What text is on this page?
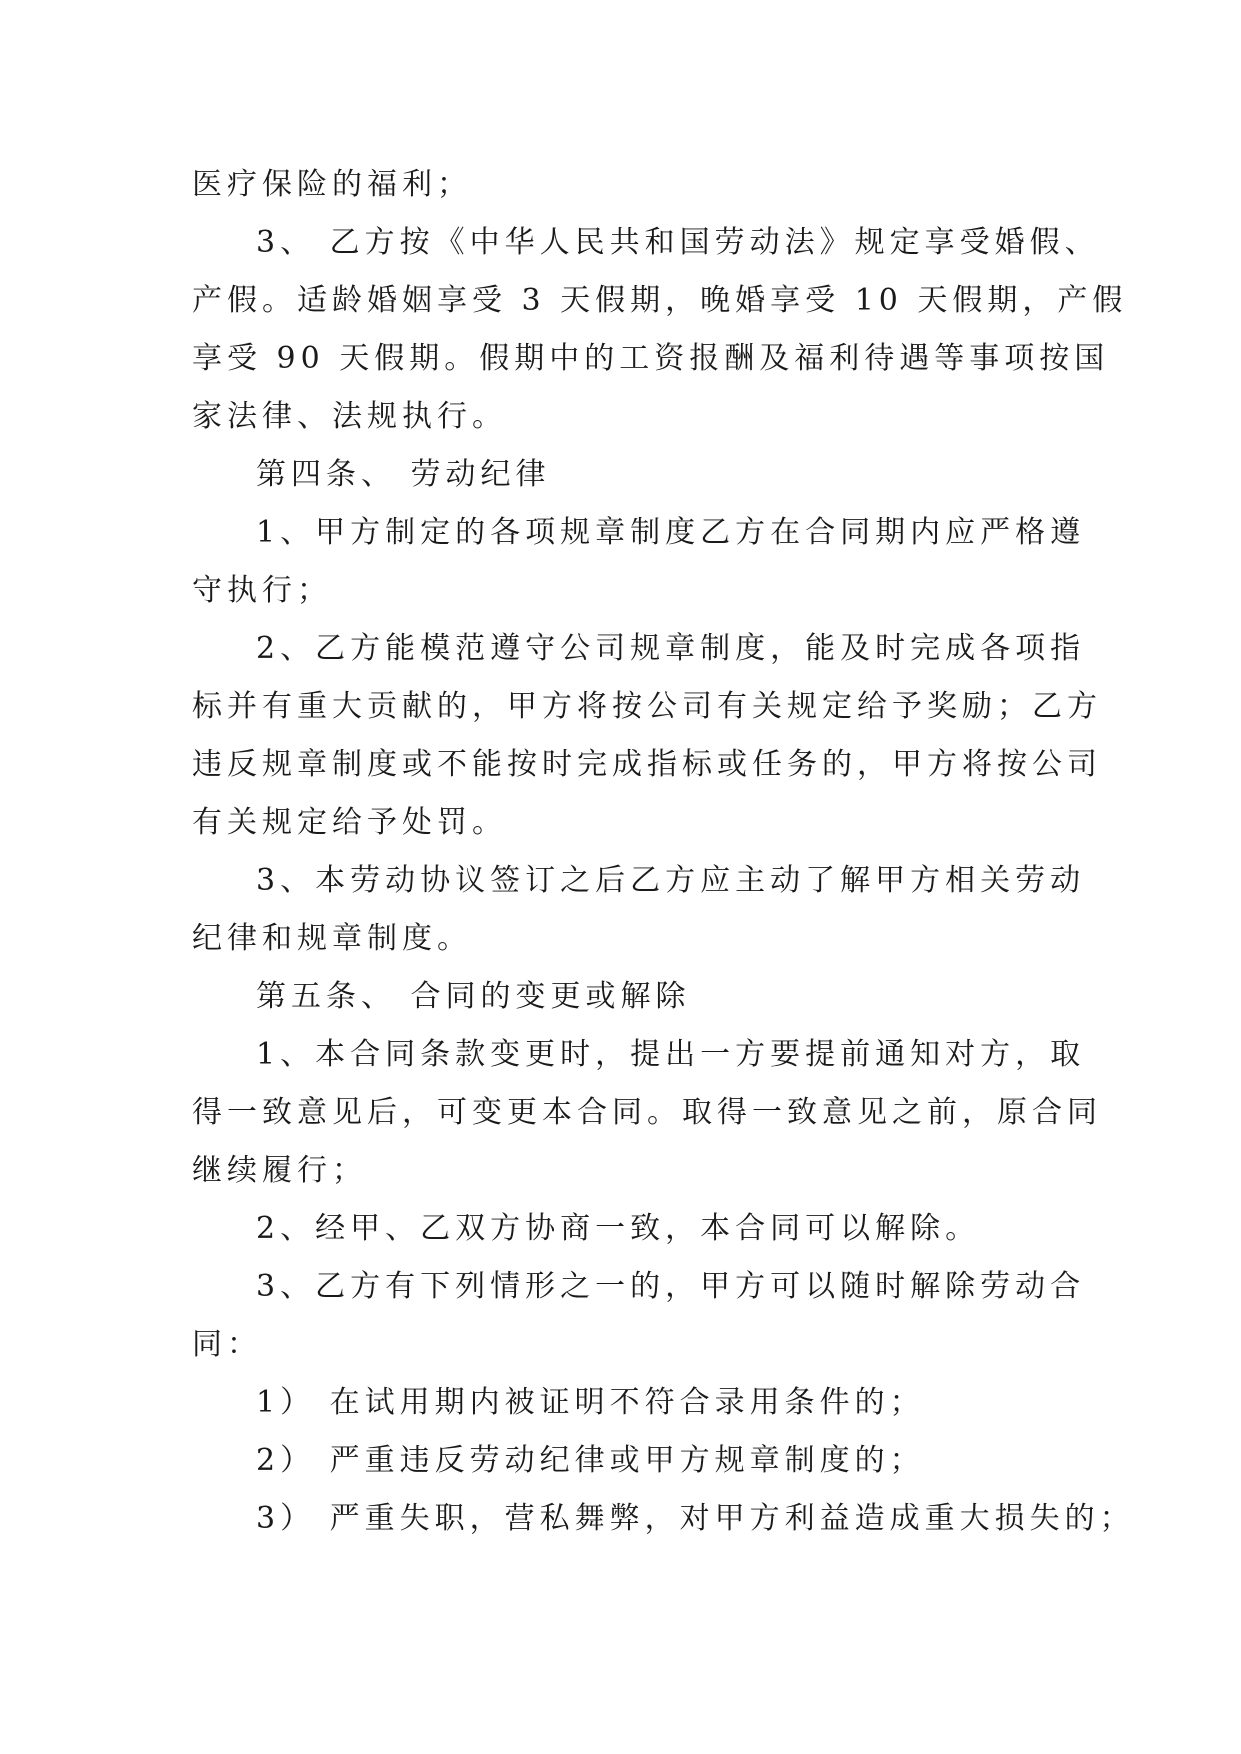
医疗保险的福利；
3、 乙方按《中华人民共和国劳动法》规定享受婚假、
产假。适龄婚姻享受 3 天假期，晚婚享受 10 天假期，产假
享受 90 天假期。假期中的工资报酬及福利待遇等事项按国
家法律、法规执行。
第四条、 劳动纪律
1、甲方制定的各项规章制度乙方在合同期内应严格遵
守执行；
2、乙方能模范遵守公司规章制度，能及时完成各项指
标并有重大贡献的，甲方将按公司有关规定给予奖励；乙方
违反规章制度或不能按时完成指标或任务的，甲方将按公司
有关规定给予处罚。
3、本劳动协议签订之后乙方应主动了解甲方相关劳动
纪律和规章制度。
第五条、 合同的变更或解除
1、本合同条款变更时，提出一方要提前通知对方，取
得一致意见后，可变更本合同。取得一致意见之前，原合同
继续履行；
2、经甲、乙双方协商一致，本合同可以解除。
3、乙方有下列情形之一的，甲方可以随时解除劳动合
同：
1） 在试用期内被证明不符合录用条件的；
2） 严重违反劳动纪律或甲方规章制度的；
3） 严重失职，营私舞弊，对甲方利益造成重大损失的；
